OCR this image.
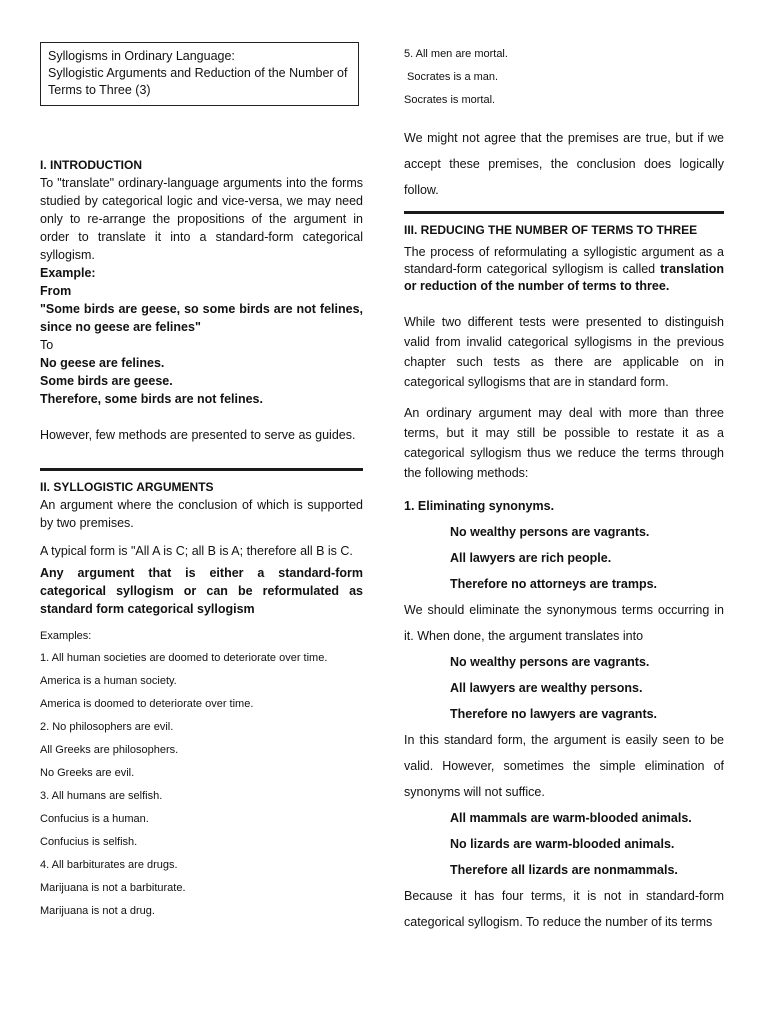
Syllogisms in Ordinary Language:
Syllogistic Arguments and Reduction of the Number of
Terms to Three (3)
I. INTRODUCTION

To "translate" ordinary-language arguments into the forms studied by categorical logic and vice-versa, we may need only to re-arrange the propositions of the argument in order to translate it into a standard-form categorical syllogism.

Example:

From

"Some birds are geese, so some birds are not felines, since no geese are felines"

To

No geese are felines.

Some birds are geese.

Therefore, some birds are not felines.

However, few methods are presented to serve as guides.

II. SYLLOGISTIC ARGUMENTS

An argument where the conclusion of which is supported by two premises.

A typical form is "All A is C; all B is A; therefore all B is C.

Any argument that is either a standard-form categorical syllogism or can be reformulated as standard form categorical syllogism

Examples:

1. All human societies are doomed to deteriorate over time.

America is a human society.

America is doomed to deteriorate over time.

2. No philosophers are evil.

All Greeks are philosophers.

No Greeks are evil.

3. All humans are selfish.

Confucius is a human.

Confucius is selfish.

4. All barbiturates are drugs.

Marijuana is not a barbiturate.

Marijuana is not a drug.

5. All men are mortal.

Socrates is a man.

Socrates is mortal.

We might not agree that the premises are true, but if we accept these premises, the conclusion does logically follow.

III. REDUCING THE NUMBER OF TERMS TO THREE

The process of reformulating a syllogistic argument as a standard-form categorical syllogism is called translation or reduction of the number of terms to three.

While two different tests were presented to distinguish valid from invalid categorical syllogisms in the previous chapter such tests as there are applicable on in categorical syllogisms that are in standard form.

An ordinary argument may deal with more than three terms, but it may still be possible to restate it as a categorical syllogism thus we reduce the terms through the following methods:

1. Eliminating synonyms.

No wealthy persons are vagrants.

All lawyers are rich people.

Therefore no attorneys are tramps.

We should eliminate the synonymous terms occurring in it. When done, the argument translates into

No wealthy persons are vagrants.

All lawyers are wealthy persons.

Therefore no lawyers are vagrants.

In this standard form, the argument is easily seen to be valid. However, sometimes the simple elimination of synonyms will not suffice.

All mammals are warm-blooded animals.

No lizards are warm-blooded animals.

Therefore all lizards are nonmammals.

Because it has four terms, it is not in standard-form categorical syllogism. To reduce the number of its terms
